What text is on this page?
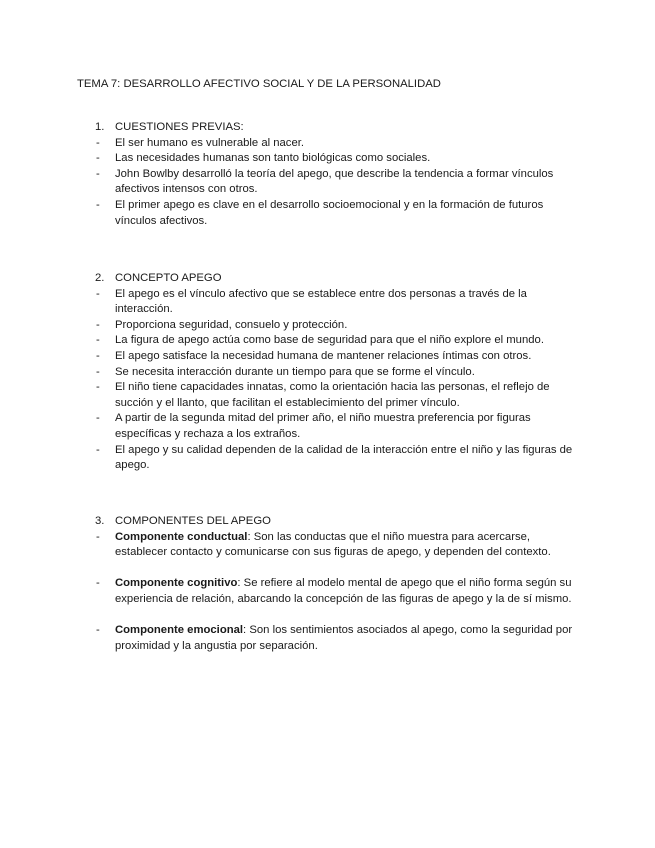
TEMA 7: DESARROLLO AFECTIVO SOCIAL Y DE LA PERSONALIDAD
1. CUESTIONES PREVIAS:
- El ser humano es vulnerable al nacer.
- Las necesidades humanas son tanto biológicas como sociales.
- John Bowlby desarrolló la teoría del apego, que describe la tendencia a formar vínculos afectivos intensos con otros.
- El primer apego es clave en el desarrollo socioemocional y en la formación de futuros vínculos afectivos.
2. CONCEPTO APEGO
- El apego es el vínculo afectivo que se establece entre dos personas a través de la interacción.
- Proporciona seguridad, consuelo y protección.
- La figura de apego actúa como base de seguridad para que el niño explore el mundo.
- El apego satisface la necesidad humana de mantener relaciones íntimas con otros.
- Se necesita interacción durante un tiempo para que se forme el vínculo.
- El niño tiene capacidades innatas, como la orientación hacia las personas, el reflejo de succión y el llanto, que facilitan el establecimiento del primer vínculo.
- A partir de la segunda mitad del primer año, el niño muestra preferencia por figuras específicas y rechaza a los extraños.
- El apego y su calidad dependen de la calidad de la interacción entre el niño y las figuras de apego.
3. COMPONENTES DEL APEGO
- Componente conductual: Son las conductas que el niño muestra para acercarse, establecer contacto y comunicarse con sus figuras de apego, y dependen del contexto.
- Componente cognitivo: Se refiere al modelo mental de apego que el niño forma según su experiencia de relación, abarcando la concepción de las figuras de apego y la de sí mismo.
- Componente emocional: Son los sentimientos asociados al apego, como la seguridad por proximidad y la angustia por separación.
